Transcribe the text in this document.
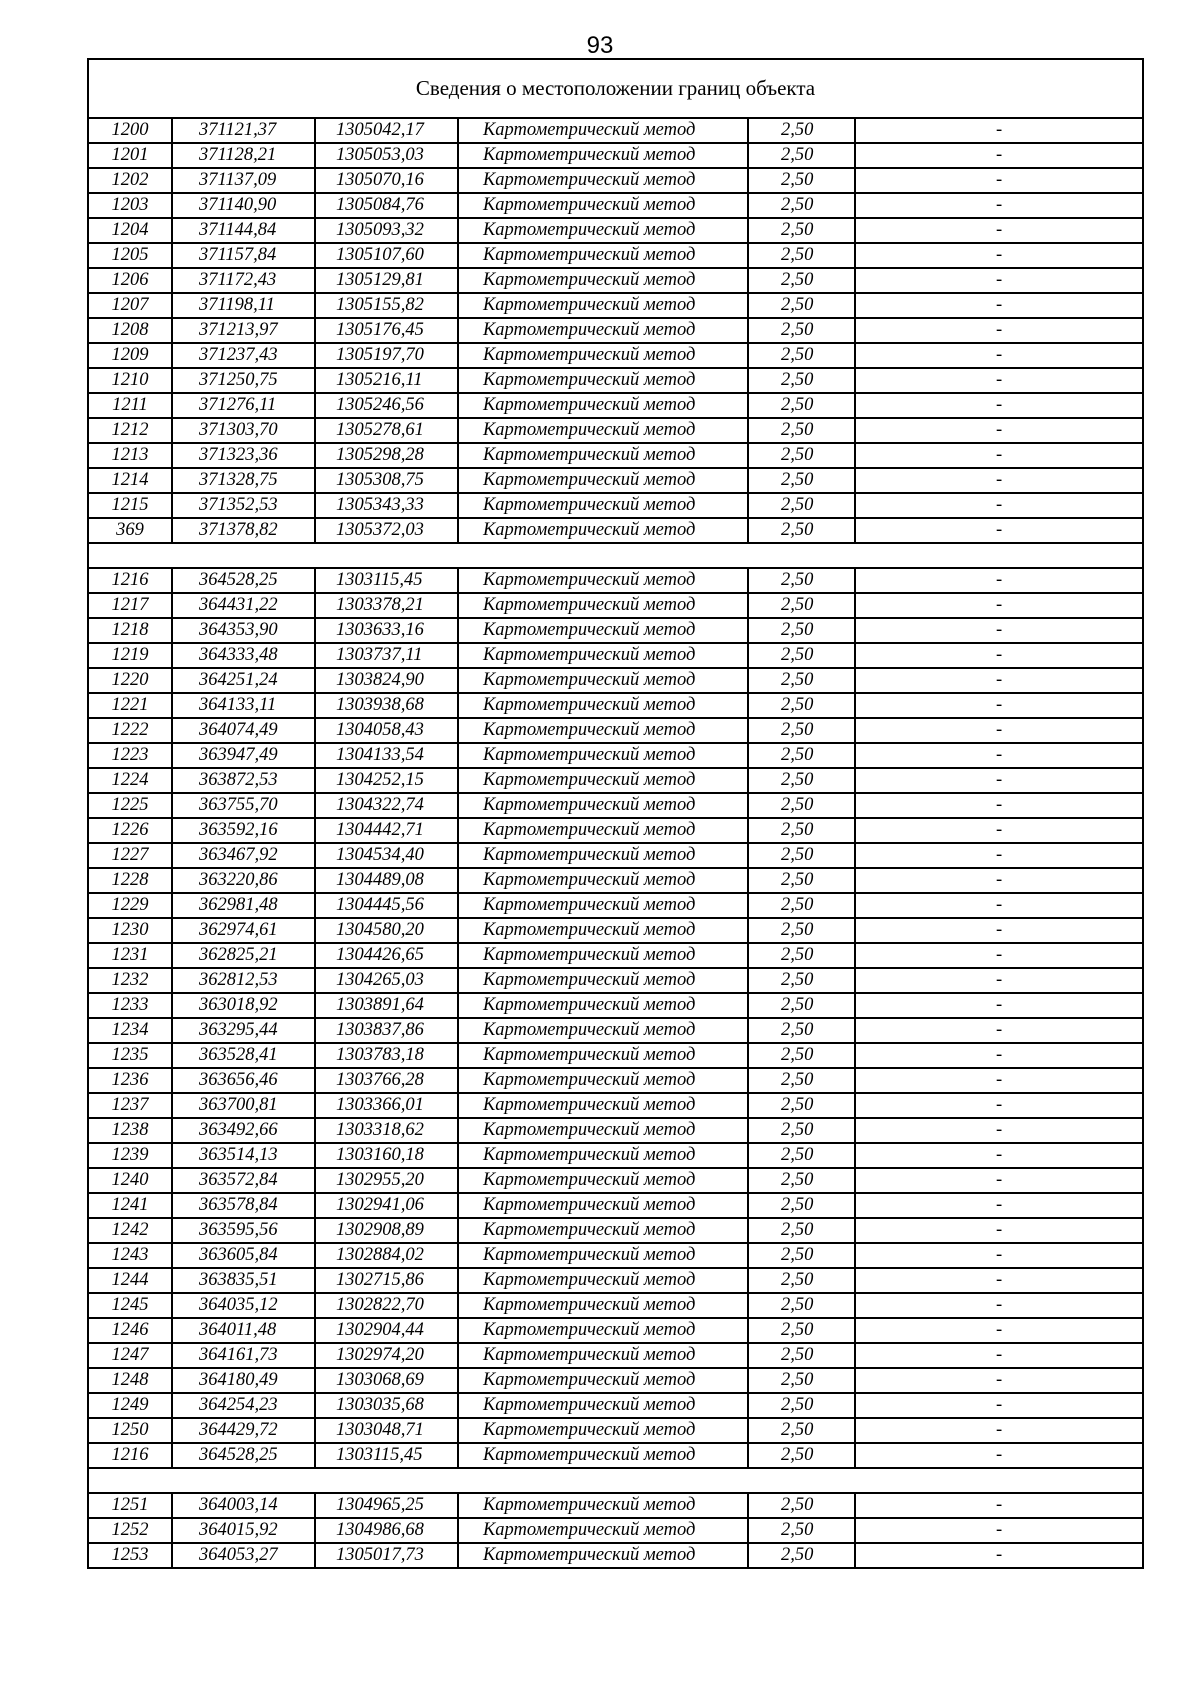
93
Сведения о местоположении границ объекта					
1200	371121,37	1305042,17	Картометрический метод	2,50	-
1201	371128,21	1305053,03	Картометрический метод	2,50	-
1202	371137,09	1305070,16	Картометрический метод	2,50	-
1203	371140,90	1305084,76	Картометрический метод	2,50	-
1204	371144,84	1305093,32	Картометрический метод	2,50	-
1205	371157,84	1305107,60	Картометрический метод	2,50	-
1206	371172,43	1305129,81	Картометрический метод	2,50	-
1207	371198,11	1305155,82	Картометрический метод	2,50	-
1208	371213,97	1305176,45	Картометрический метод	2,50	-
1209	371237,43	1305197,70	Картометрический метод	2,50	-
1210	371250,75	1305216,11	Картометрический метод	2,50	-
1211	371276,11	1305246,56	Картометрический метод	2,50	-
1212	371303,70	1305278,61	Картометрический метод	2,50	-
1213	371323,36	1305298,28	Картометрический метод	2,50	-
1214	371328,75	1305308,75	Картометрический метод	2,50	-
1215	371352,53	1305343,33	Картометрический метод	2,50	-
369	371378,82	1305372,03	Картометрический метод	2,50	-

1216	364528,25	1303115,45	Картометрический метод	2,50	-
1217	364431,22	1303378,21	Картометрический метод	2,50	-
1218	364353,90	1303633,16	Картометрический метод	2,50	-
1219	364333,48	1303737,11	Картометрический метод	2,50	-
1220	364251,24	1303824,90	Картометрический метод	2,50	-
1221	364133,11	1303938,68	Картометрический метод	2,50	-
1222	364074,49	1304058,43	Картометрический метод	2,50	-
1223	363947,49	1304133,54	Картометрический метод	2,50	-
1224	363872,53	1304252,15	Картометрический метод	2,50	-
1225	363755,70	1304322,74	Картометрический метод	2,50	-
1226	363592,16	1304442,71	Картометрический метод	2,50	-
1227	363467,92	1304534,40	Картометрический метод	2,50	-
1228	363220,86	1304489,08	Картометрический метод	2,50	-
1229	362981,48	1304445,56	Картометрический метод	2,50	-
1230	362974,61	1304580,20	Картометрический метод	2,50	-
1231	362825,21	1304426,65	Картометрический метод	2,50	-
1232	362812,53	1304265,03	Картометрический метод	2,50	-
1233	363018,92	1303891,64	Картометрический метод	2,50	-
1234	363295,44	1303837,86	Картометрический метод	2,50	-
1235	363528,41	1303783,18	Картометрический метод	2,50	-
1236	363656,46	1303766,28	Картометрический метод	2,50	-
1237	363700,81	1303366,01	Картометрический метод	2,50	-
1238	363492,66	1303318,62	Картометрический метод	2,50	-
1239	363514,13	1303160,18	Картометрический метод	2,50	-
1240	363572,84	1302955,20	Картометрический метод	2,50	-
1241	363578,84	1302941,06	Картометрический метод	2,50	-
1242	363595,56	1302908,89	Картометрический метод	2,50	-
1243	363605,84	1302884,02	Картометрический метод	2,50	-
1244	363835,51	1302715,86	Картометрический метод	2,50	-
1245	364035,12	1302822,70	Картометрический метод	2,50	-
1246	364011,48	1302904,44	Картометрический метод	2,50	-
1247	364161,73	1302974,20	Картометрический метод	2,50	-
1248	364180,49	1303068,69	Картометрический метод	2,50	-
1249	364254,23	1303035,68	Картометрический метод	2,50	-
1250	364429,72	1303048,71	Картометрический метод	2,50	-
1216	364528,25	1303115,45	Картометрический метод	2,50	-

1251	364003,14	1304965,25	Картометрический метод	2,50	-
1252	364015,92	1304986,68	Картометрический метод	2,50	-
1253	364053,27	1305017,73	Картометрический метод	2,50	-
